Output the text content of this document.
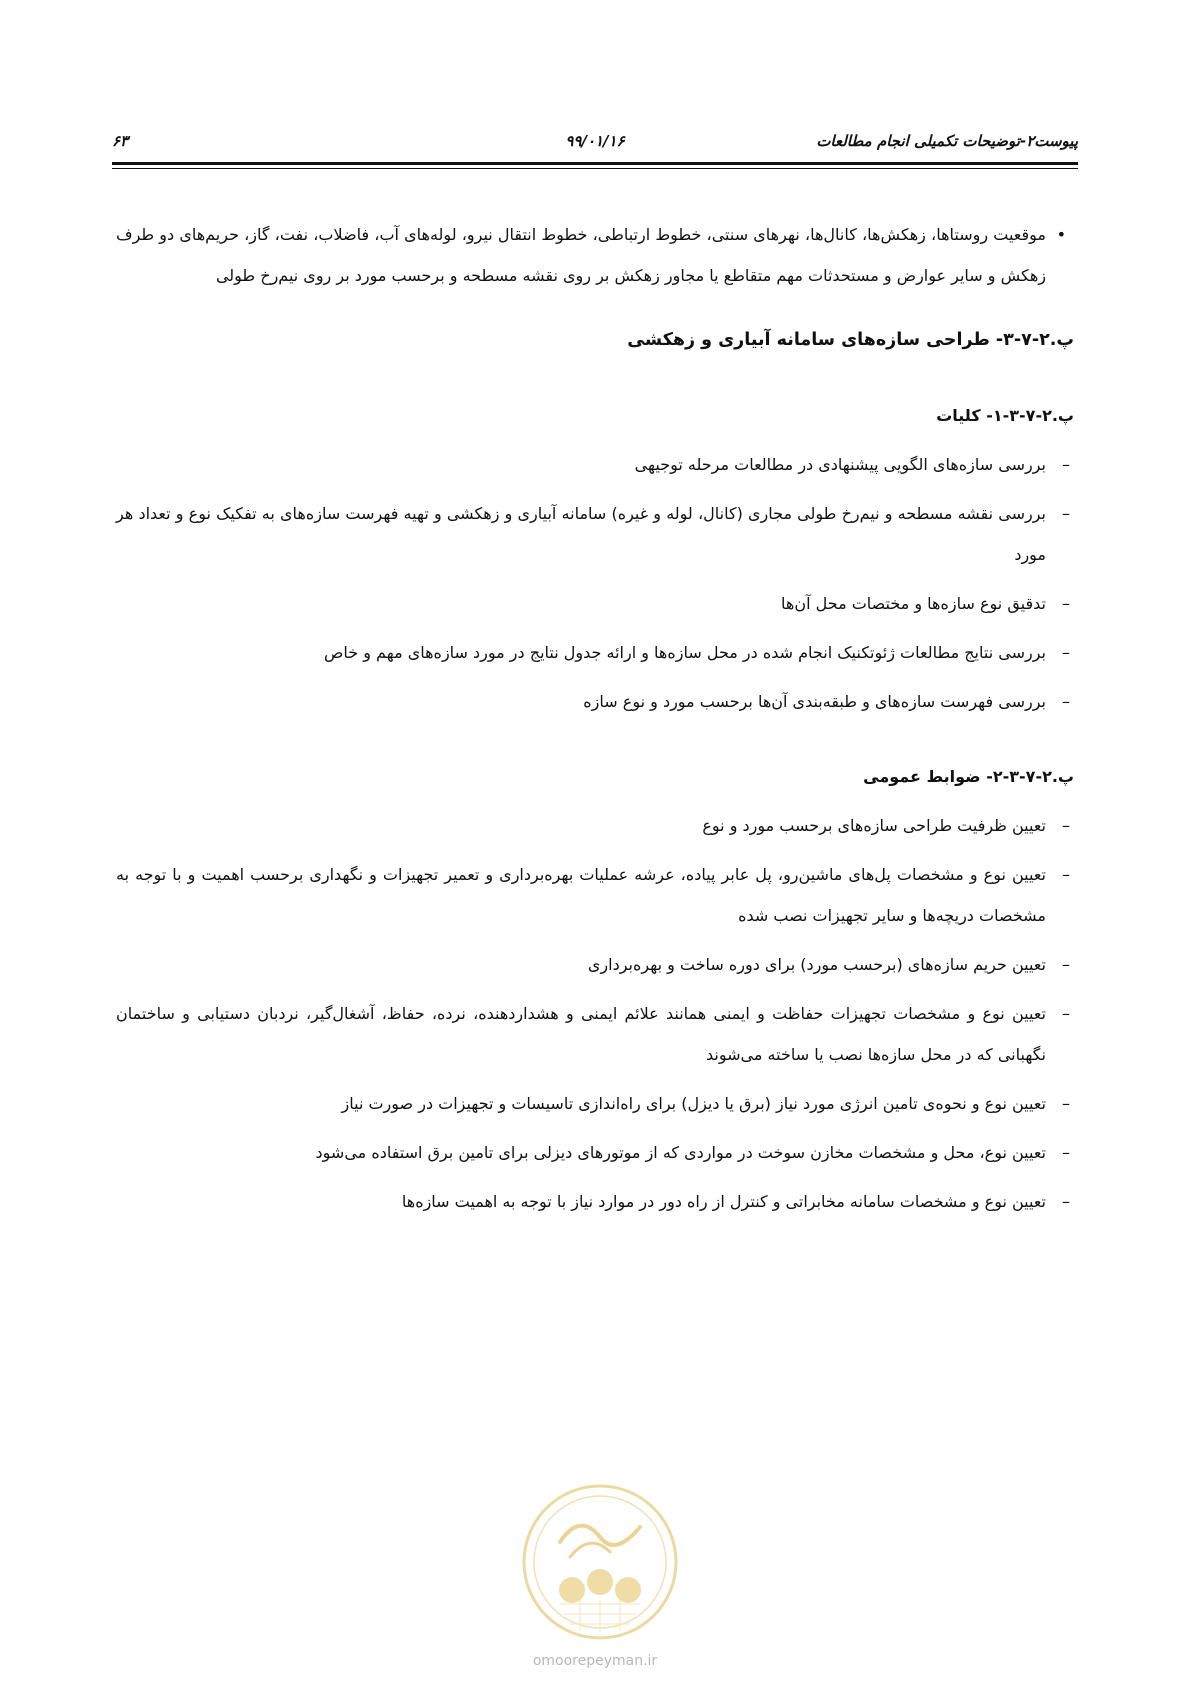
پیوست۲-توضیحات تکمیلی انجام مطالعات
۹۹/۰۱/۱۶
۶۳
•
موقعیت روستاها، زهکش‌ها، کانال‌ها، نهرهای سنتی، خطوط ارتباطی، خطوط انتقال نیرو، لوله‌های آب، فاضلاب، نفت، گاز، حریم‌های دو طرف زهکش و سایر عوارض و مستحدثات مهم متقاطع یا مجاور زهکش بر روی نقشه مسطحه و برحسب مورد بر روی نیم‌رخ طولی
پ.۲-۷-۳- طراحی سازه‌های سامانه آبیاری و زهکشی
پ.۲-۷-۳-۱- کلیات
–
بررسی سازه‌های الگویی پیشنهادی در مطالعات مرحله توجیهی
–
بررسی نقشه مسطحه و نیم‌رخ طولی مجاری (کانال، لوله و غیره) سامانه آبیاری و زهکشی و تهیه فهرست سازه‌های به تفکیک نوع و تعداد هر مورد
–
تدقیق نوع سازه‌ها و مختصات محل آن‌ها
–
بررسی نتایج مطالعات ژئوتکنیک انجام شده در محل سازه‌ها و ارائه جدول نتایج در مورد سازه‌های مهم و خاص
–
بررسی فهرست سازه‌های و طبقه‌بندی آن‌ها برحسب مورد و نوع سازه
پ.۲-۷-۳-۲- ضوابط عمومی
–
تعیین ظرفیت طراحی سازه‌های برحسب مورد و نوع
–
تعیین نوع و مشخصات پل‌های ماشین‌رو، پل عابر پیاده، عرشه عملیات بهره‌برداری و تعمیر تجهیزات و نگهداری برحسب اهمیت و با توجه به مشخصات دریچه‌ها و سایر تجهیزات نصب شده
–
تعیین حریم سازه‌های (برحسب مورد) برای دوره ساخت و بهره‌برداری
–
تعیین نوع و مشخصات تجهیزات حفاظت و ایمنی همانند علائم ایمنی و هشداردهنده، نرده، حفاظ، آشغال‌گیر، نردبان دستیابی و ساختمان نگهبانی که در محل سازه‌ها نصب یا ساخته می‌شوند
–
تعیین نوع و نحوه‌ی تامین انرژی مورد نیاز (برق یا دیزل) برای راه‌اندازی تاسیسات و تجهیزات در صورت نیاز
–
تعیین نوع، محل و مشخصات مخازن سوخت در مواردی که از موتورهای دیزلی برای تامین برق استفاده می‌شود
–
تعیین نوع و مشخصات سامانه مخابراتی و کنترل از راه دور در موارد نیاز با توجه به اهمیت سازه‌ها
omoorepeyman.ir
